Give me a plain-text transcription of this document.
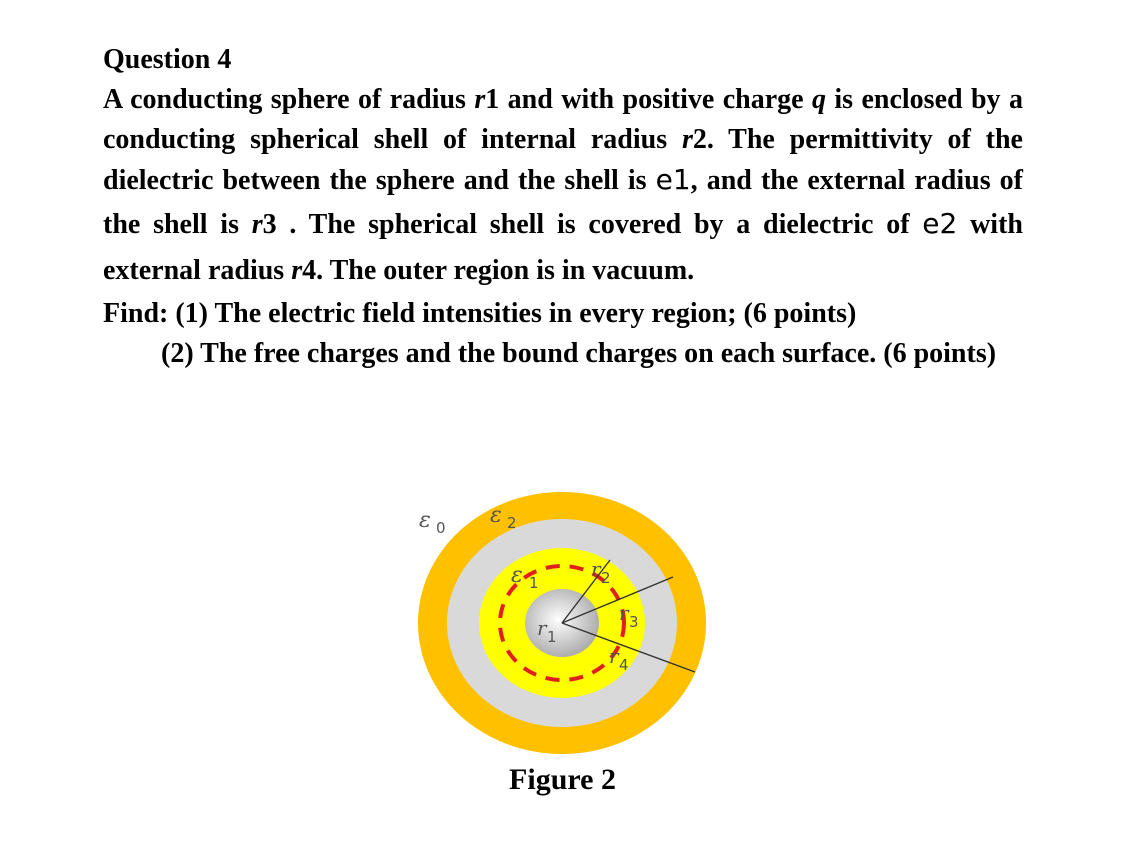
Question 4

A conducting sphere of radius r1 and with positive charge q is enclosed by a conducting spherical shell of internal radius r2. The permittivity of the dielectric between the sphere and the shell is e1, and the external radius of the shell is r3 . The spherical shell is covered by a dielectric of e2 with external radius r4. The outer region is in vacuum.

Find: (1) The electric field intensities in every region; (6 points)

(2) The free charges and the bound charges on each surface. (6 points)

ε 0 ε 2
ε 1
r 1
r 2
r 3
r 4
Figure 2
